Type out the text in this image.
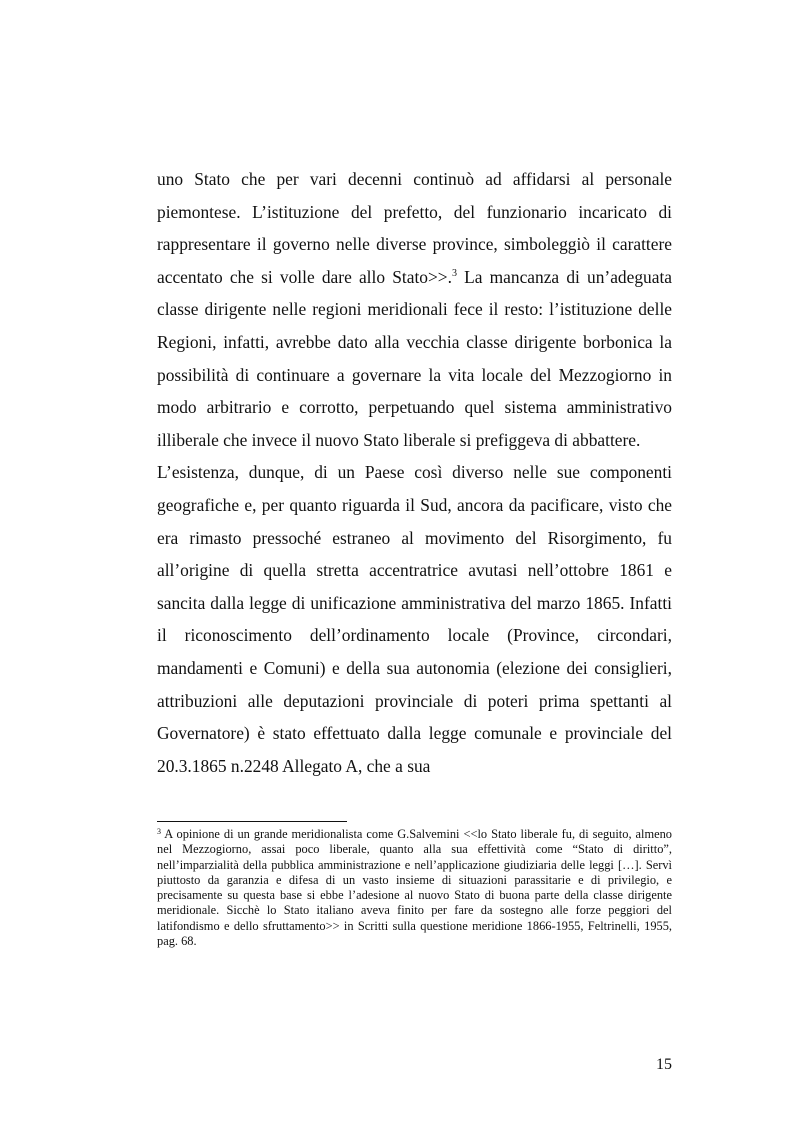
uno Stato che per vari decenni continuò ad affidarsi al personale piemontese. L’istituzione del prefetto, del funzionario incaricato di rappresentare il governo nelle diverse province, simboleggiò il carattere accentato che si volle dare allo Stato>>.$^3$ La mancanza di un’adeguata classe dirigente nelle regioni meridionali fece il resto: l’istituzione delle Regioni, infatti, avrebbe dato alla vecchia classe dirigente borbonica la possibilità di continuare a governare la vita locale del Mezzogiorno in modo arbitrario e corrotto, perpetuando quel sistema amministrativo illiberale che invece il nuovo Stato liberale si prefiggeva di abbattere.

L’esistenza, dunque, di un Paese così diverso nelle sue componenti geografiche e, per quanto riguarda il Sud, ancora da pacificare, visto che era rimasto pressoché estraneo al movimento del Risorgimento, fu all’origine di quella stretta accentratrice avutasi nell’ottobre 1861 e sancita dalla legge di unificazione amministrativa del marzo 1865. Infatti il riconoscimento dell’ordinamento locale (Province, circondari, mandamenti e Comuni) e della sua autonomia (elezione dei consiglieri, attribuzioni alle deputazioni provinciale di poteri prima spettanti al Governatore) è stato effettuato dalla legge comunale e provinciale del 20.3.1865 n.2248 Allegato A, che a sua

$^3$ A opinione di un grande meridionalista come G.Salvemini <<lo Stato liberale fu, di seguito, almeno nel Mezzogiorno, assai poco liberale, quanto alla sua effettività come “Stato di diritto”, nell’imparzialità della pubblica amministrazione e nell’applicazione giudiziaria delle leggi […]. Servì piuttosto da garanzia e difesa di un vasto insieme di situazioni parassitarie e di privilegio, e precisamente su questa base si ebbe l’adesione al nuovo Stato di buona parte della classe dirigente meridionale. Sicchè lo Stato italiano aveva finito per fare da sostegno alle forze peggiori del latifondismo e dello sfruttamento>> in Scritti sulla questione meridione 1866-1955, Feltrinelli, 1955, pag. 68.

15
